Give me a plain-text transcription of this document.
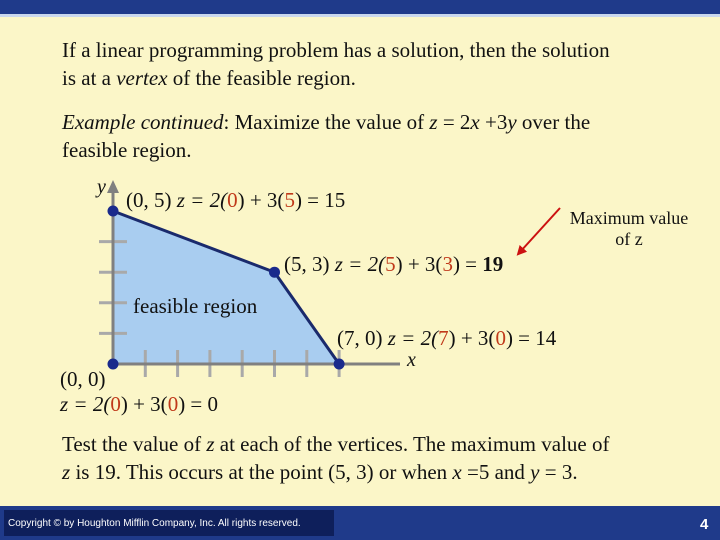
If a linear programming problem has a solution, then the solution
is at a vertex of the feasible region.
Example continued: Maximize the value of z = 2x +3y over the
feasible region.
y
x
(0, 5) z = 2(0) + 3(5) = 15
(5, 3) z = 2(5) + 3(3) = 19
feasible region
(7, 0) z = 2(7) + 3(0) = 14
(0, 0)
z = 2(0) + 3(0) = 0
Maximum value
of z
Test the value of z at each of the vertices. The maximum value of
z is 19. This occurs at the point (5, 3) or when x =5 and y = 3.
Copyright © by Houghton Mifflin Company, Inc. All rights reserved.	4
